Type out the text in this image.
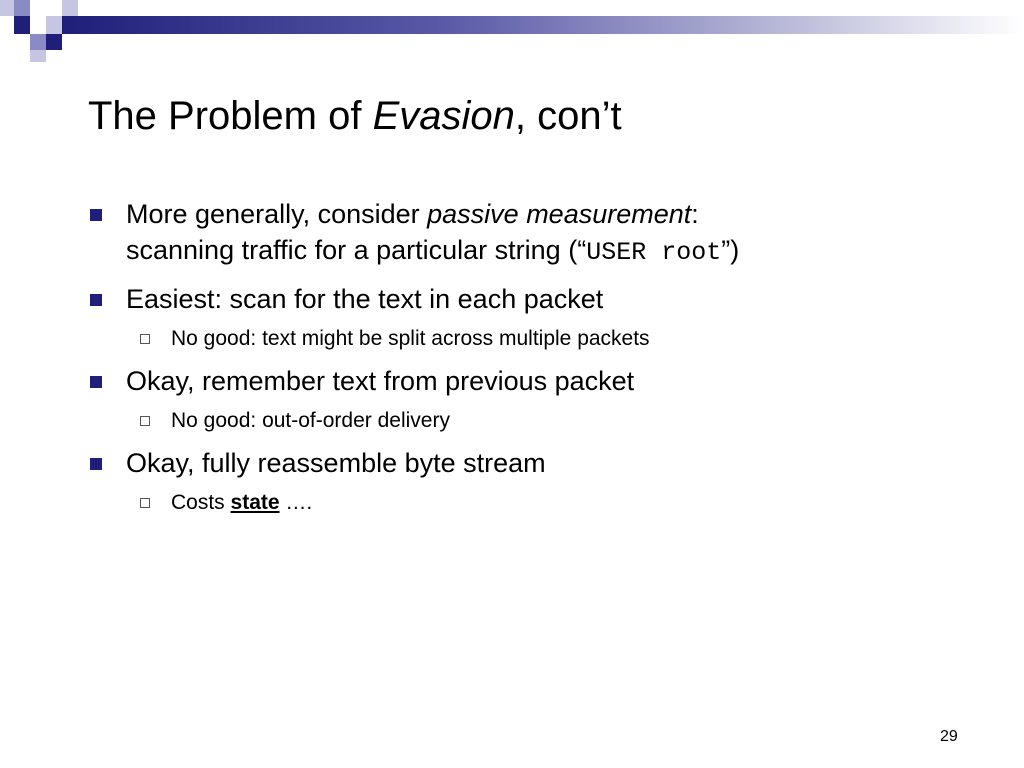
The Problem of Evasion, con’t
More generally, consider passive measurement:
scanning traffic for a particular string (“USER root”)
Easiest: scan for the text in each packet
No good: text might be split across multiple packets
Okay, remember text from previous packet
No good: out-of-order delivery
Okay, fully reassemble byte stream
Costs state ….
29
